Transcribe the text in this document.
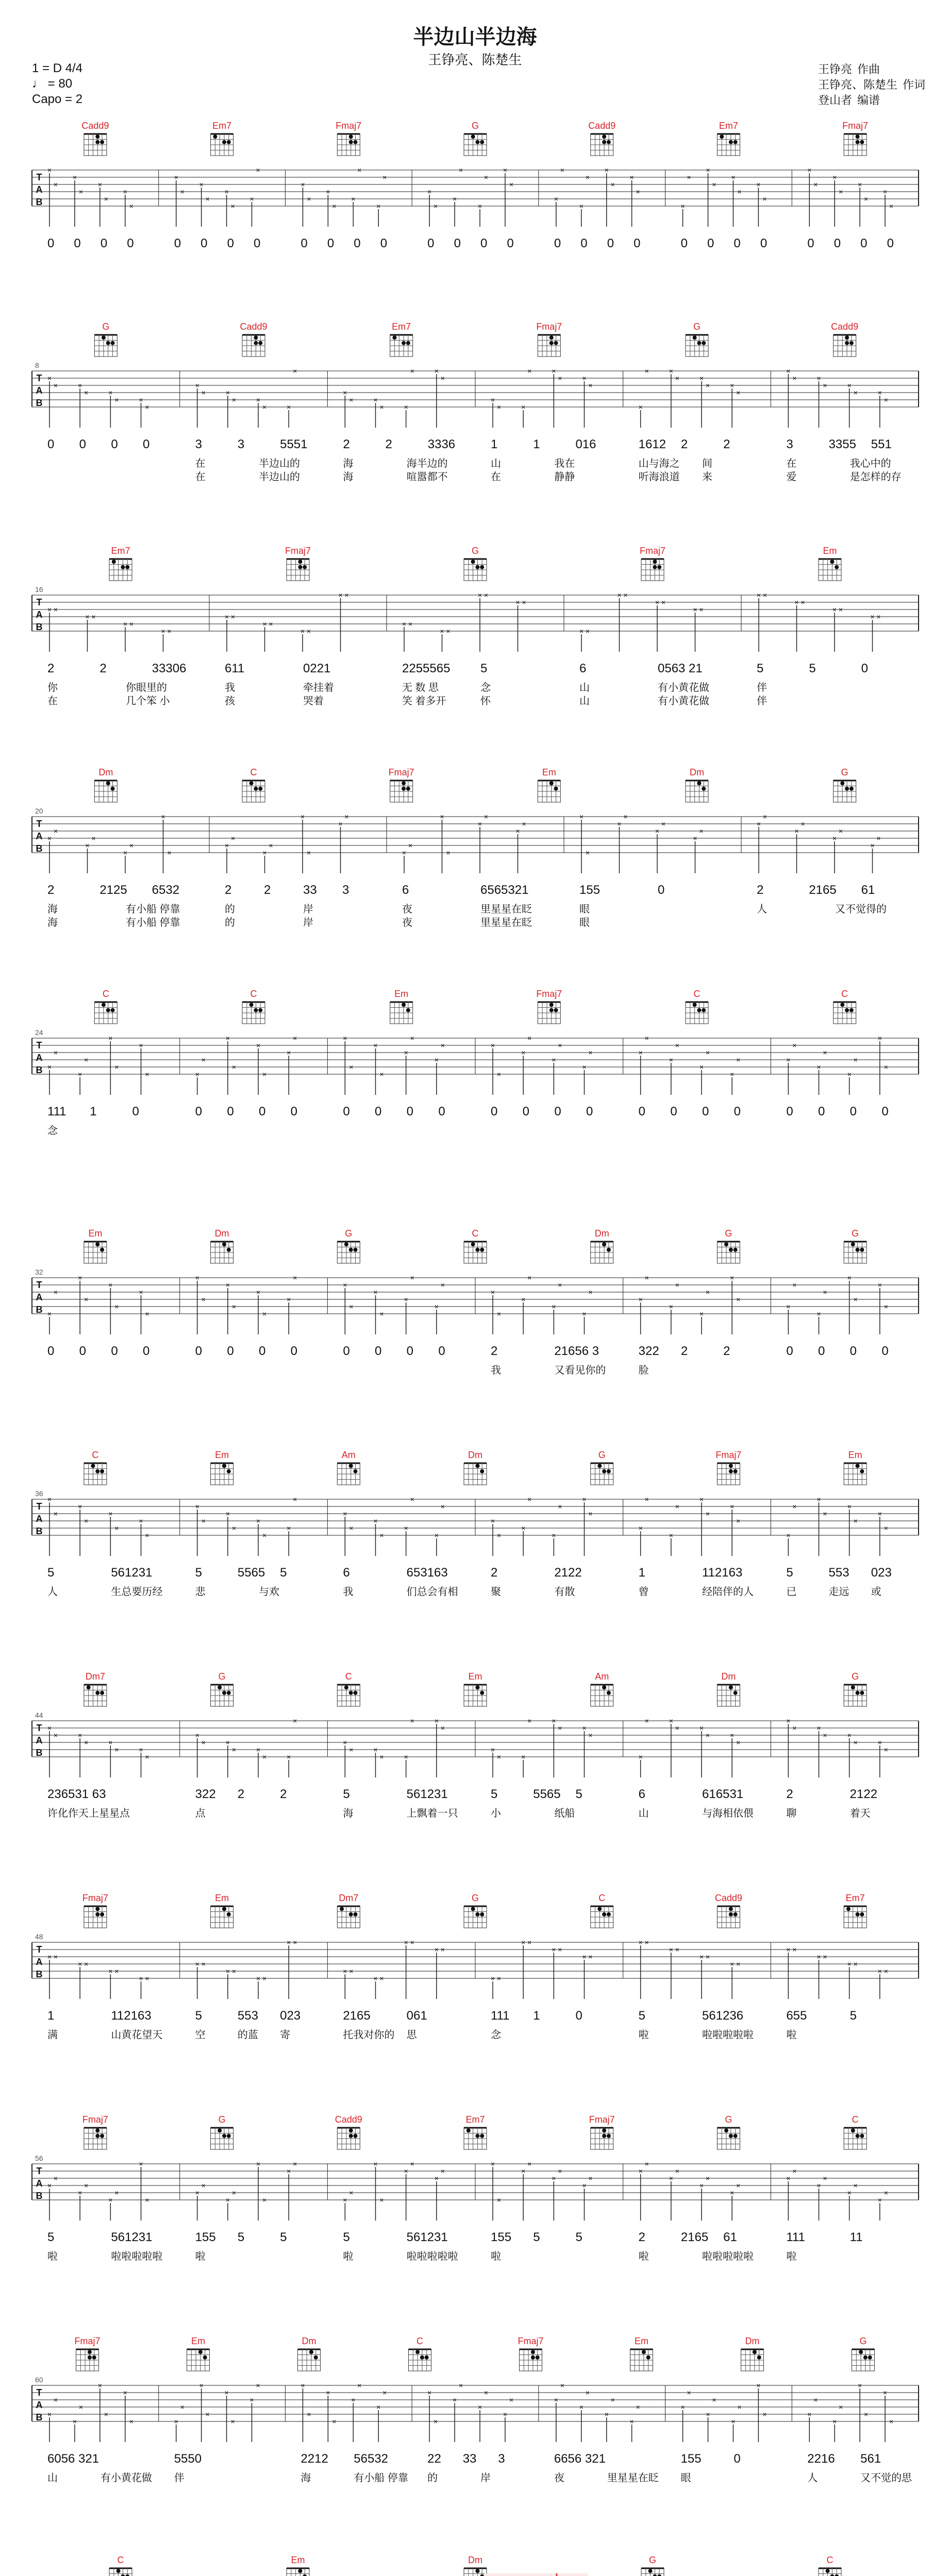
半边山半边海
王铮亮、陈楚生
1 = D 4/4
♩ = 80
Capo = 2
王铮亮 作曲
王铮亮、陈楚生 作词
登山者 编谱
Cadd9	Em7	Fmaj7	G	Cadd9	Em7	Fmaj7
T
A
B
×
×
×
×
×
×
×
×
0 0 0 0
×
×
×
×
×
×
×
×
0 0 0 0
×
×
×
×
×
×
×
×
0 0 0 0
×
×
×
×
×
×
×
×
0 0 0 0
×
×
×
×
×
×
×
×
0 0 0 0
×
×
×
×
×
×
×
×
0 0 0 0
×
×
×
×
×
×
×
×
0 0 0 0
G	Cadd9	Em7	Fmaj7	G	Cadd9
T
A
B
8
×
×	×
×	×
×	×
×
0 0 0 0
×
×	×
×	×
×	×
×
3	3	5551
在	半边山的
在	半边山的
×
×	×
×	×
×	×
×
2	2	3336
海	海半边的
海	喧嚣都不
×
×	×
×	×
×	×
×
1	1	016
山	我在
在	静静
×
×	×
×	×
×	×
×
1612 2	2
山与海之 间
听海浪道 来
×
×	×
×	×
×	×
×
3	3355 551
在	我心中的
爱	是怎样的存
Em7	Fmaj7	G	Fmaj7	Em
T
A
B
16
× ×
× ×
× ×
× ×
2	2	33306
你	你眼里的
在	几个笨 小
× ×
× ×
× ×
× ×
611	0221
我	牵挂着
孩	哭着
× ×
× ×
× ×
× ×
2255565 5
无 数 思	念
笑 着多开	怀
× ×
× ×
× ×
× ×
6	0563 21
山	有小黄花做
山	有小黄花做
× ×
× ×
× ×
× ×
5	5	0
伴
伴
Dm	C	Fmaj7	Em	Dm	G
T
A
B
20
×
×
×
×
×
×
×
×
2	2125 6532
海	有小船 停靠
海	有小船 停靠
×
×
×
×
×
×
×
×
2	2	33 3
的	岸
的	岸
×
×
×
×
×
×
×
×
6	6565321
夜	里星星在眨
夜	里星星在眨
×
×
×
×
×
×
×
×
155	0
眼
眼
×
×
×
×
×
×
×
×
2	2165 61
人	又不觉得的
C	C	Em	Fmaj7	C	C
T
A
B
24
×
×
×
×
×
×
×
×
111 1	0
念
×
×
×
×
×
×
×
×
0 0 0 0
×
×
×
×
×
×
×
×
0 0 0 0
×
×
×
×
×
×
×
×
0 0 0 0
×
×
×
×
×
×
×
×
0 0 0 0
×
×
×
×
×
×
×
×
0 0 0 0
Em	Dm	G	C	Dm	G	G
T
A
B
32
×
×
×
×
×
×
×
×
0 0 0 0
×
×
×
×
×
×
×
×
0 0 0 0
×
×
×
×
×
×
×
×
0 0 0 0
×
×
×
×
×
×
×
×
2	21656 3
我	又看见你的
×
×
×
×
×
×
×
×
322 2	2
脸
×
×
×
×
×
×
×
×
0 0 0 0
C	Em	Am	Dm	G	Fmaj7	Em
T
A
B
36
×
×
×
×
×
×
×
×
5	561231
人	生总要历经
×
×
×
×
×
×
×
×
5	5565 5
悲	与欢
×
×
×
×
×
×
×
×
6	653163
我	们总会有相
×
×
×
×
×
×
×
×
2	2122
聚	有散
×
×
×
×
×
×
×
×
1	112163
曾	经陪伴的人
×
×
×
×
×
×
×
×
5	553 023
已	走远 或
Dm7	G	C	Em	Am	Dm	G
T
A
B
44
×
×	×
×	×
×	×
×
236531 63
许化作天上星星点
×
×	×
×	×
×	×
×
322 2	2
点
×
×	×
×	×
×	×
×
5	561231
海	上飘着一只
×
×	×
×	×
×	×
×
5	5565 5
小	纸船
×
×	×
×	×
×	×
×
6	616531
山	与海相依偎
×
×	×
×	×
×	×
×
2	2122
聊	着天
Fmaj7	Em	Dm7	G	C	Cadd9	Em7
T
A
B
48
× ×
× ×
× ×
× ×
1	112163
满	山黄花望天
× ×
× ×
× ×
× ×
5	553 023
空	的蓝 寄
× ×
× ×
× ×
× ×
2165	061
托我对你的 思
× ×
× ×
× ×
× ×
111 1	0
念
× ×
× ×
× ×
× ×
5	561236
啦	啦啦啦啦啦
× ×
× ×
× ×
× ×
655	5
啦
Fmaj7	G	Cadd9	Em7	Fmaj7	G	C
T
A
B
56
×
×
×
×
×
×
×
×
5	561231
啦	啦啦啦啦啦
×
×
×
×
×
×
×
×
155 5	5
啦
×
×
×
×
×
×
×
×
5	561231
啦	啦啦啦啦啦
×
×
×
×
×
×
×
×
155 5	5
啦
×
×
×
×
×
×
×
×
2	2165 61
啦	啦啦啦啦啦
×
×
×
×
×
×
×
×
111	11
啦
Fmaj7	Em	Dm	C	Fmaj7	Em	Dm	G
T
A
B
60
×
×
×
×
×
×
×
×
6056 321
山	有小黄花做
×
×
×
×
×
×
×
×
5550
伴
×
×
×
×
×
×
×
×
2212 56532
海	有小船 停靠
×
×
×
×
×
×
×
×
22 33 3
的	岸
×
×
×
×
×
×
×
×
6656 321
夜	里星星在眨
×
×
×
×
×
×
×
×
155	0
眼
×
×
×
×
×
×
×
×
2216 561
人	又不觉的思
C	Em	Dm	G	C
